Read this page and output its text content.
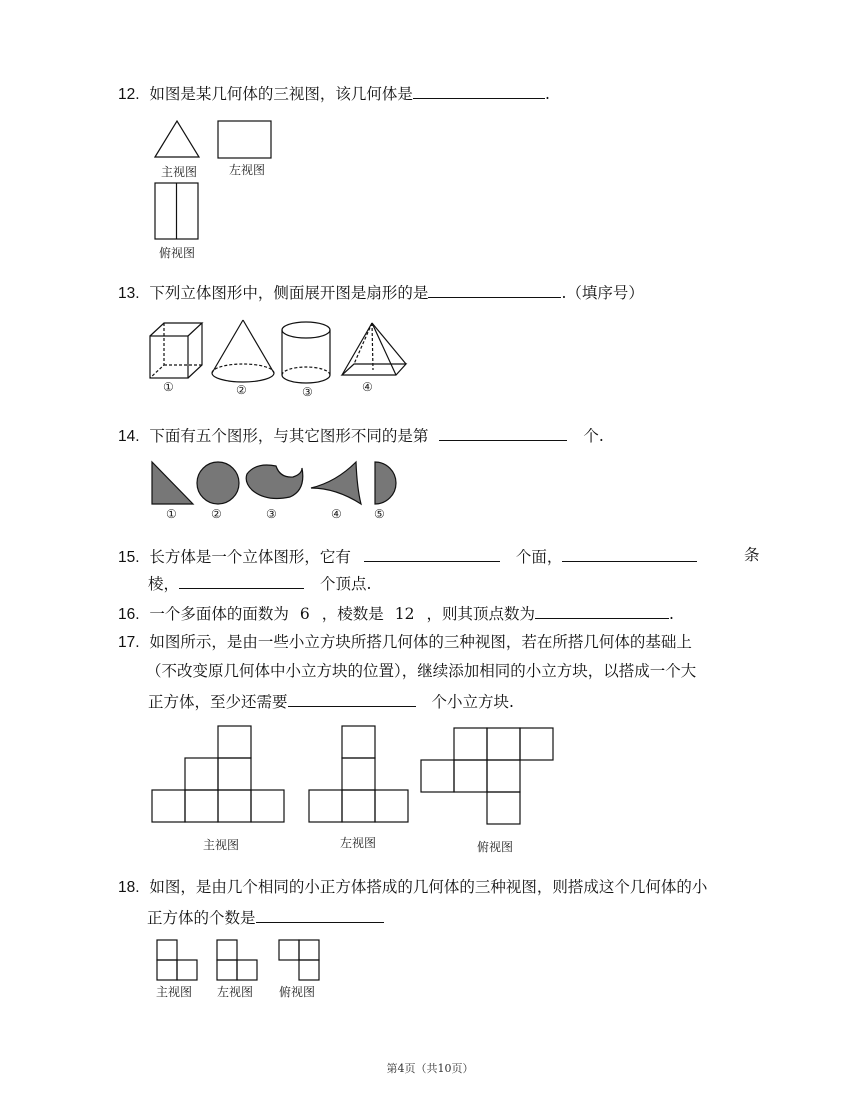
12. 如图是某几何体的三视图，该几何体是	.
主视图	左视图
俯视图
13. 下列立体图形中，侧面展开图是扇形的是	.（填序号）
①	②	③	④
14. 下面有五个图形，与其它图形不同的是第	个.
①	②	③	④	⑤
15. 长方体是一个立体图形，它有	个面，	条
棱，	个顶点.
16. 一个多面体的面数为 6 ，棱数是 12 ，则其顶点数为	.
17. 如图所示，是由一些小立方块所搭几何体的三种视图，若在所搭几何体的基础上
（不改变原几何体中小立方块的位置），继续添加相同的小立方块，以搭成一个大
正方体，至少还需要	个小立方块.
主视图	左视图	俯视图
18. 如图，是由几个相同的小正方体搭成的几何体的三种视图，则搭成这个几何体的小
正方体的个数是
主视图 左视图 俯视图
第4页（共10页）
